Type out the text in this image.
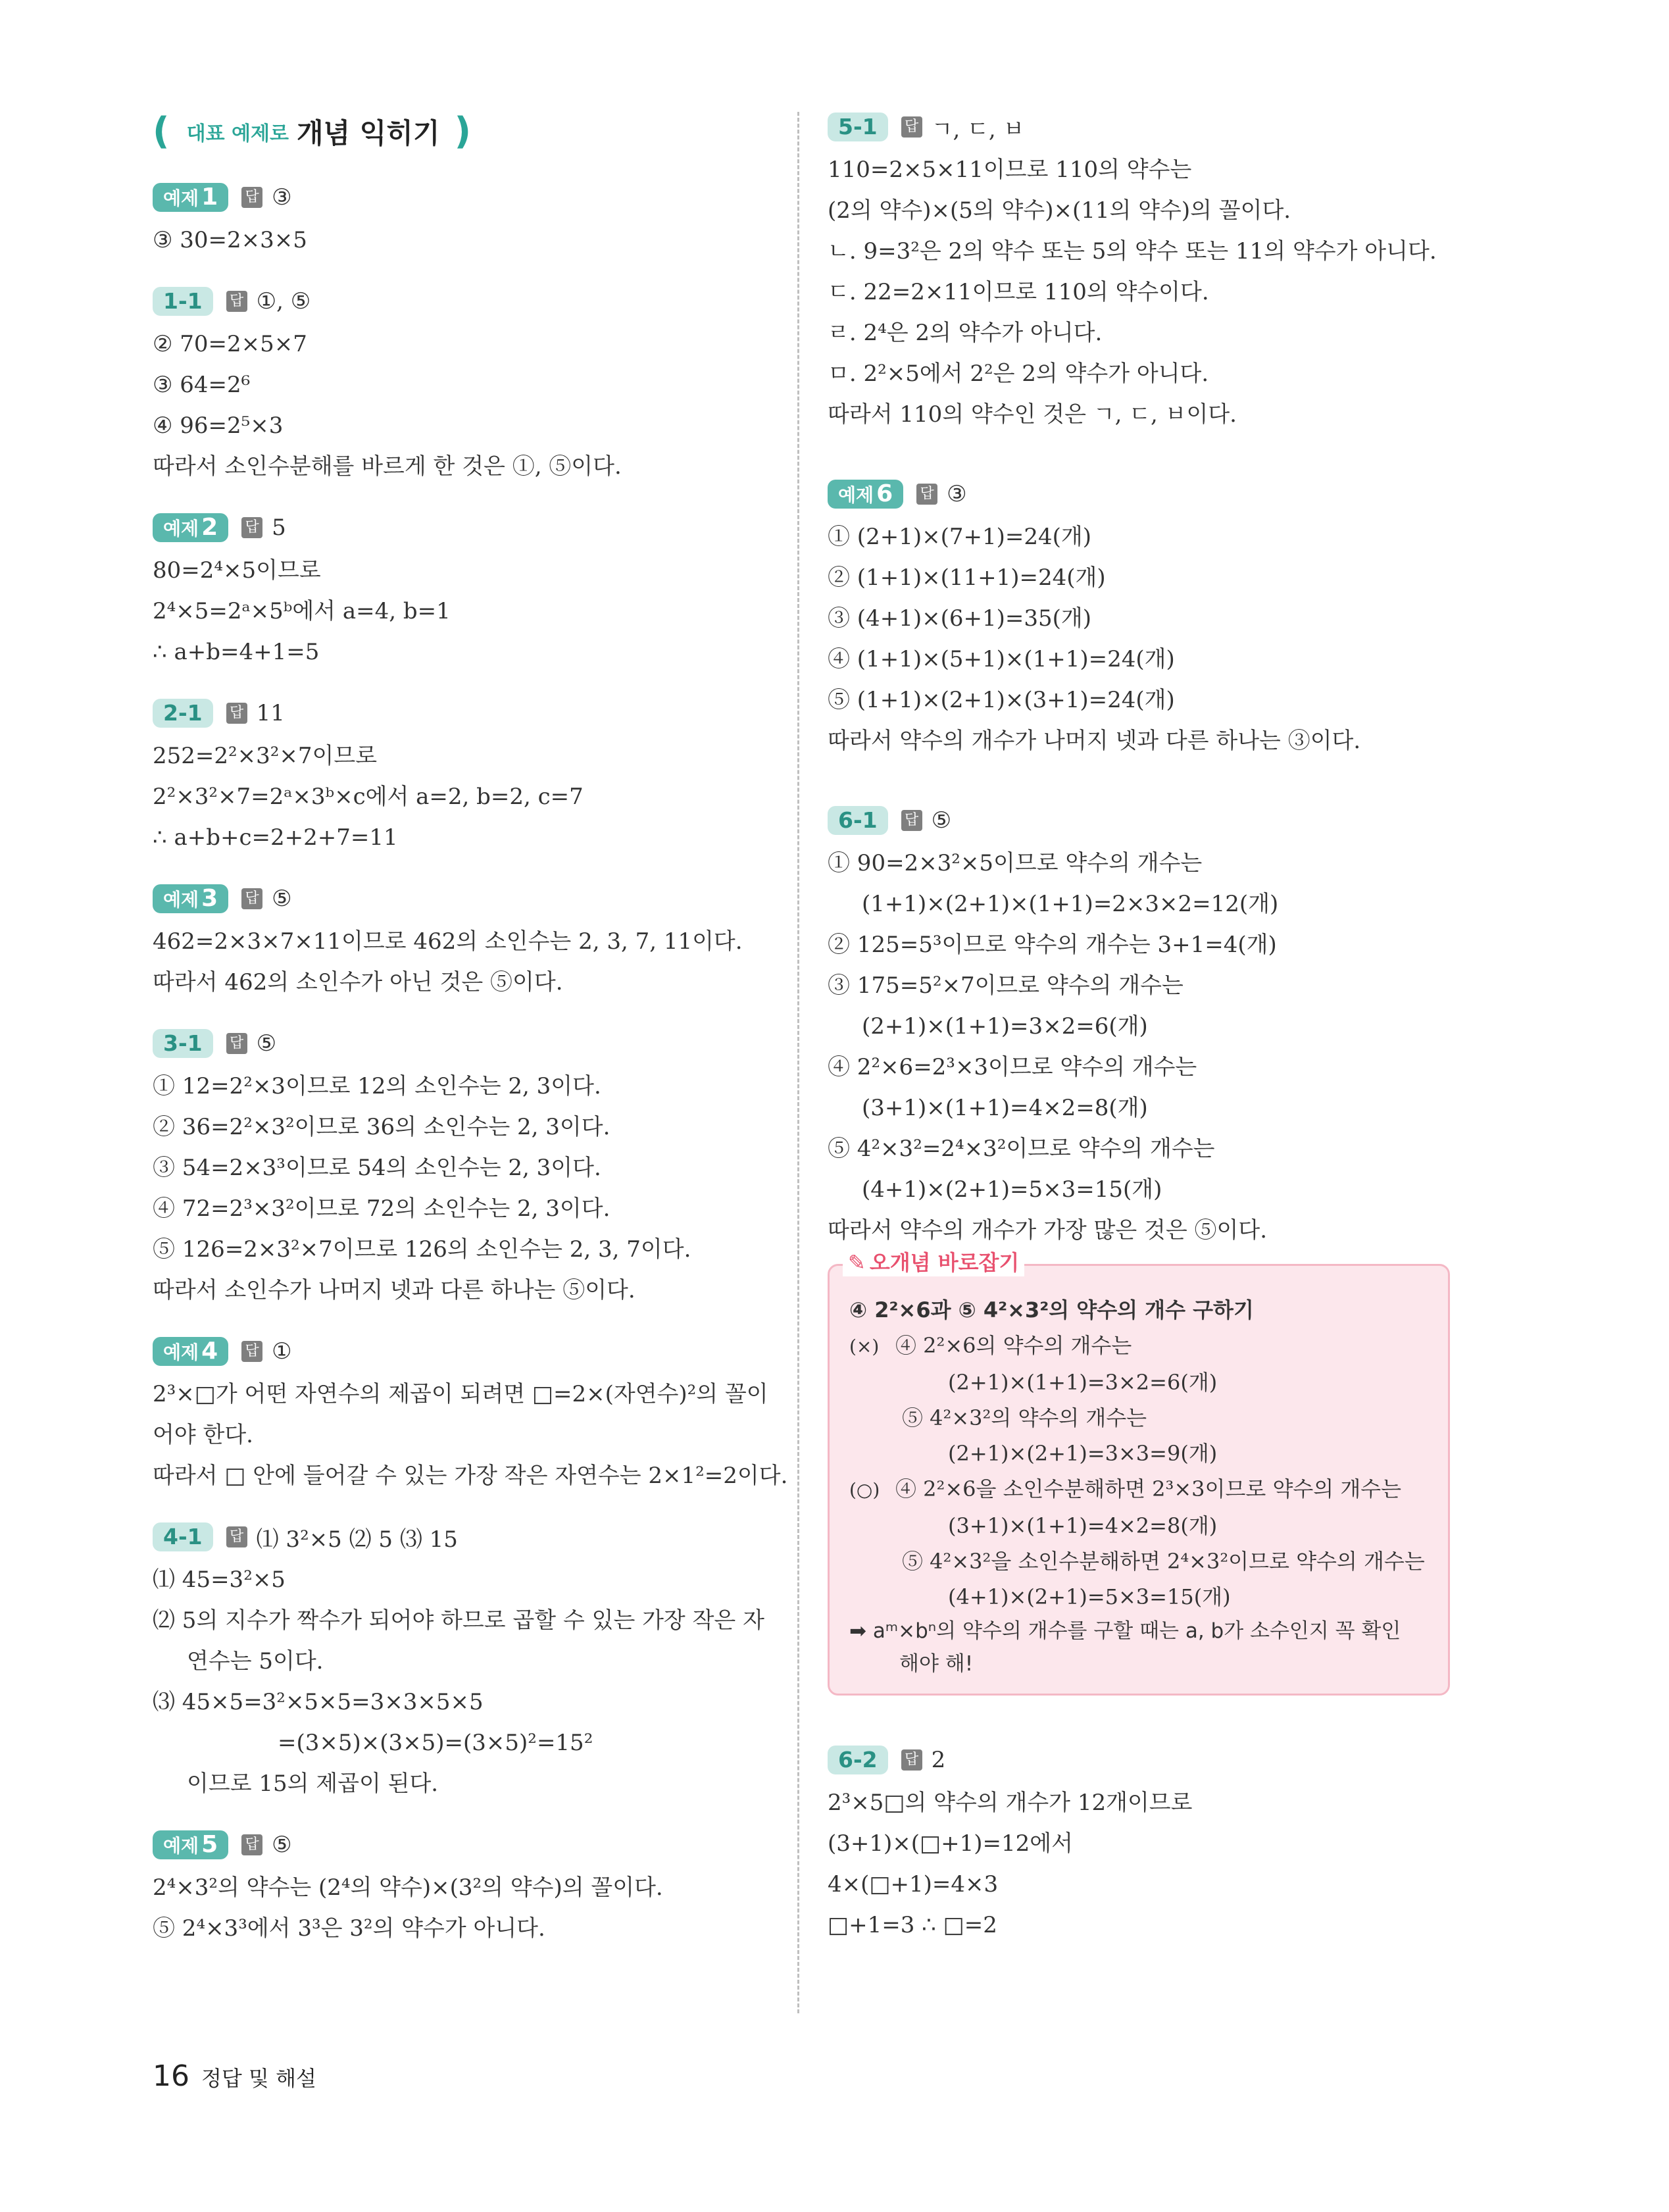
( 대표 예제로 개념 익히기 )
예제 1	답 ③
③ 30=2×3×5
1-1	답 ①, ⑤
② 70=2×5×7
③ 64=2⁶
④ 96=2⁵×3
따라서 소인수분해를 바르게 한 것은 ①, ⑤이다.
예제 2	답 5
80=2⁴×5이므로
2⁴×5=2ᵃ×5ᵇ에서 a=4, b=1
∴ a+b=4+1=5
2-1	답 11
252=2²×3²×7이므로
2²×3²×7=2ᵃ×3ᵇ×c에서 a=2, b=2, c=7
∴ a+b+c=2+2+7=11
예제 3	답 ⑤
462=2×3×7×11이므로 462의 소인수는 2, 3, 7, 11이다.
따라서 462의 소인수가 아닌 것은 ⑤이다.
3-1	답 ⑤
① 12=2²×3이므로 12의 소인수는 2, 3이다.
② 36=2²×3²이므로 36의 소인수는 2, 3이다.
③ 54=2×3³이므로 54의 소인수는 2, 3이다.
④ 72=2³×3²이므로 72의 소인수는 2, 3이다.
⑤ 126=2×3²×7이므로 126의 소인수는 2, 3, 7이다.
따라서 소인수가 나머지 넷과 다른 하나는 ⑤이다.
예제 4	답 ①
2³×□가 어떤 자연수의 제곱이 되려면 □=2×(자연수)²의 꼴이
어야 한다.
따라서 □ 안에 들어갈 수 있는 가장 작은 자연수는 2×1²=2이다.
4-1	답 ⑴ 3²×5 ⑵ 5 ⑶ 15
⑴ 45=3²×5
⑵ 5의 지수가 짝수가 되어야 하므로 곱할 수 있는 가장 작은 자
연수는 5이다.
⑶ 45×5=3²×5×5=3×3×5×5
=(3×5)×(3×5)=(3×5)²=15²
이므로 15의 제곱이 된다.
예제 5	답 ⑤
2⁴×3²의 약수는 (2⁴의 약수)×(3²의 약수)의 꼴이다.
⑤ 2⁴×3³에서 3³은 3²의 약수가 아니다.
5-1	답 ㄱ, ㄷ, ㅂ
110=2×5×11이므로 110의 약수는
(2의 약수)×(5의 약수)×(11의 약수)의 꼴이다.
ㄴ. 9=3²은 2의 약수 또는 5의 약수 또는 11의 약수가 아니다.
ㄷ. 22=2×11이므로 110의 약수이다.
ㄹ. 2⁴은 2의 약수가 아니다.
ㅁ. 2²×5에서 2²은 2의 약수가 아니다.
따라서 110의 약수인 것은 ㄱ, ㄷ, ㅂ이다.
예제 6	답 ③
① (2+1)×(7+1)=24(개)
② (1+1)×(11+1)=24(개)
③ (4+1)×(6+1)=35(개)
④ (1+1)×(5+1)×(1+1)=24(개)
⑤ (1+1)×(2+1)×(3+1)=24(개)
따라서 약수의 개수가 나머지 넷과 다른 하나는 ③이다.
6-1	답 ⑤
① 90=2×3²×5이므로 약수의 개수는
(1+1)×(2+1)×(1+1)=2×3×2=12(개)
② 125=5³이므로 약수의 개수는 3+1=4(개)
③ 175=5²×7이므로 약수의 개수는
(2+1)×(1+1)=3×2=6(개)
④ 2²×6=2³×3이므로 약수의 개수는
(3+1)×(1+1)=4×2=8(개)
⑤ 4²×3²=2⁴×3²이므로 약수의 개수는
(4+1)×(2+1)=5×3=15(개)
따라서 약수의 개수가 가장 많은 것은 ⑤이다.
✎ 오개념 바로잡기
④ 2²×6과 ⑤ 4²×3²의 약수의 개수 구하기
(×) ④ 2²×6의 약수의 개수는
(2+1)×(1+1)=3×2=6(개)
⑤ 4²×3²의 약수의 개수는
(2+1)×(2+1)=3×3=9(개)
(○) ④ 2²×6을 소인수분해하면 2³×3이므로 약수의 개수는
(3+1)×(1+1)=4×2=8(개)
⑤ 4²×3²을 소인수분해하면 2⁴×3²이므로 약수의 개수는
(4+1)×(2+1)=5×3=15(개)
➡ aᵐ×bⁿ의 약수의 개수를 구할 때는 a, b가 소수인지 꼭 확인
해야 해!
6-2	답 2
2³×5□의 약수의 개수가 12개이므로
(3+1)×(□+1)=12에서
4×(□+1)=4×3
□+1=3 ∴ □=2
16 정답 및 해설
